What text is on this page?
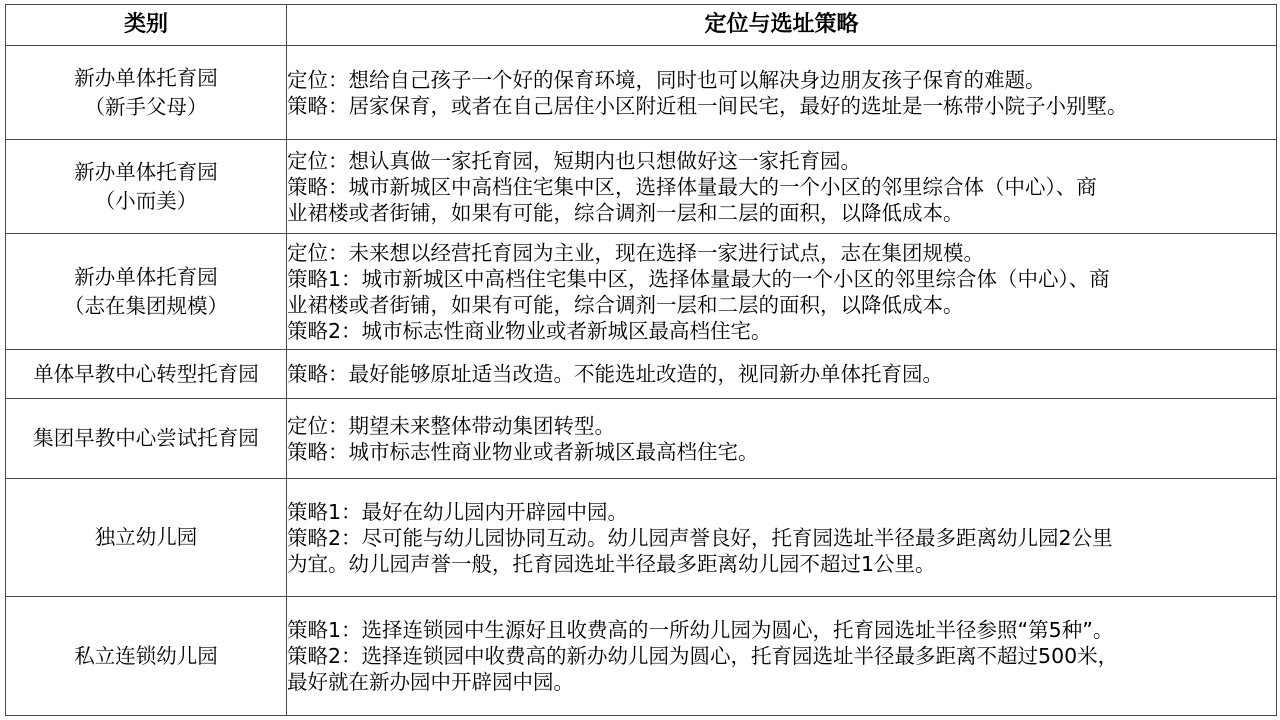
类别	定位与选址策略

新办单体托育园
（新手父母）	定位：想给自己孩子一个好的保育环境，同时也可以解决身边朋友孩子保育的难题。
策略：居家保育，或者在自己居住小区附近租一间民宅，最好的选址是一栋带小院子小别墅。

新办单体托育园
（小而美）	定位：想认真做一家托育园，短期内也只想做好这一家托育园。
策略：城市新城区中高档住宅集中区，选择体量最大的一个小区的邻里综合体（中心）、商
业裙楼或者街铺，如果有可能，综合调剂一层和二层的面积，以降低成本。

新办单体托育园
（志在集团规模）	定位：未来想以经营托育园为主业，现在选择一家进行试点，志在集团规模。
策略1：城市新城区中高档住宅集中区，选择体量最大的一个小区的邻里综合体（中心）、商
业裙楼或者街铺，如果有可能，综合调剂一层和二层的面积，以降低成本。
策略2：城市标志性商业物业或者新城区最高档住宅。

单体早教中心转型托育园	策略：最好能够原址适当改造。不能选址改造的，视同新办单体托育园。

集团早教中心尝试托育园	定位：期望未来整体带动集团转型。
策略：城市标志性商业物业或者新城区最高档住宅。

独立幼儿园	策略1：最好在幼儿园内开辟园中园。
策略2：尽可能与幼儿园协同互动。幼儿园声誉良好，托育园选址半径最多距离幼儿园2公里
为宜。幼儿园声誉一般，托育园选址半径最多距离幼儿园不超过1公里。

私立连锁幼儿园	策略1：选择连锁园中生源好且收费高的一所幼儿园为圆心，托育园选址半径参照“第5种”。
策略2：选择连锁园中收费高的新办幼儿园为圆心，托育园选址半径最多距离不超过500米，
最好就在新办园中开辟园中园。
